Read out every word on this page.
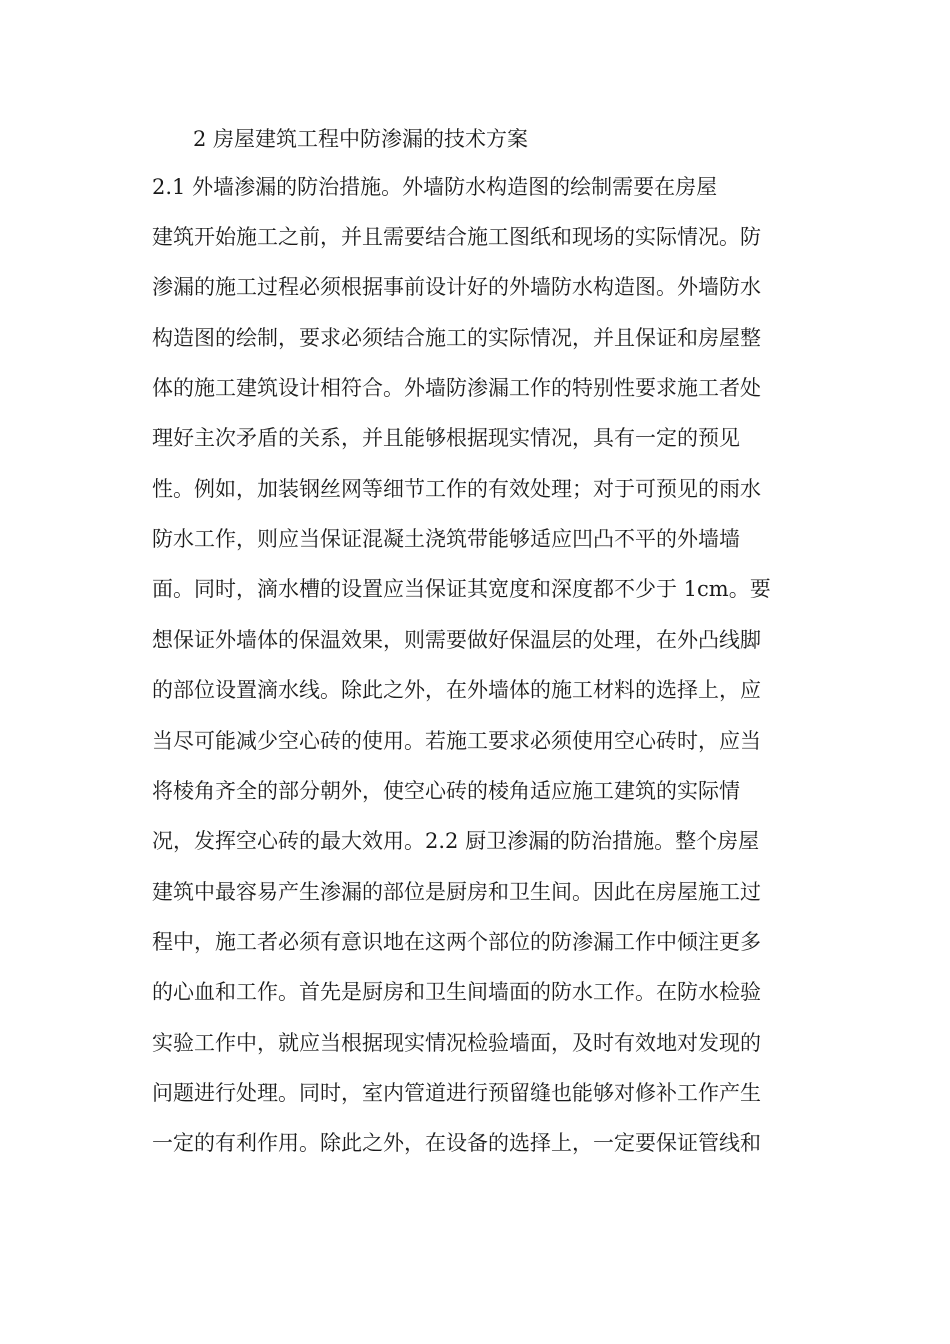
2 房屋建筑工程中防渗漏的技术方案
2.1 外墙渗漏的防治措施。外墙防水构造图的绘制需要在房屋
建筑开始施工之前，并且需要结合施工图纸和现场的实际情况。防
渗漏的施工过程必须根据事前设计好的外墙防水构造图。外墙防水
构造图的绘制，要求必须结合施工的实际情况，并且保证和房屋整
体的施工建筑设计相符合。外墙防渗漏工作的特别性要求施工者处
理好主次矛盾的关系，并且能够根据现实情况，具有一定的预见
性。例如，加装钢丝网等细节工作的有效处理；对于可预见的雨水
防水工作，则应当保证混凝土浇筑带能够适应凹凸不平的外墙墙
面。同时，滴水槽的设置应当保证其宽度和深度都不少于 1cm。要
想保证外墙体的保温效果，则需要做好保温层的处理，在外凸线脚
的部位设置滴水线。除此之外，在外墙体的施工材料的选择上，应
当尽可能减少空心砖的使用。若施工要求必须使用空心砖时，应当
将棱角齐全的部分朝外，使空心砖的棱角适应施工建筑的实际情
况，发挥空心砖的最大效用。2.2 厨卫渗漏的防治措施。整个房屋
建筑中最容易产生渗漏的部位是厨房和卫生间。因此在房屋施工过
程中，施工者必须有意识地在这两个部位的防渗漏工作中倾注更多
的心血和工作。首先是厨房和卫生间墙面的防水工作。在防水检验
实验工作中，就应当根据现实情况检验墙面，及时有效地对发现的
问题进行处理。同时，室内管道进行预留缝也能够对修补工作产生
一定的有利作用。除此之外，在设备的选择上，一定要保证管线和
